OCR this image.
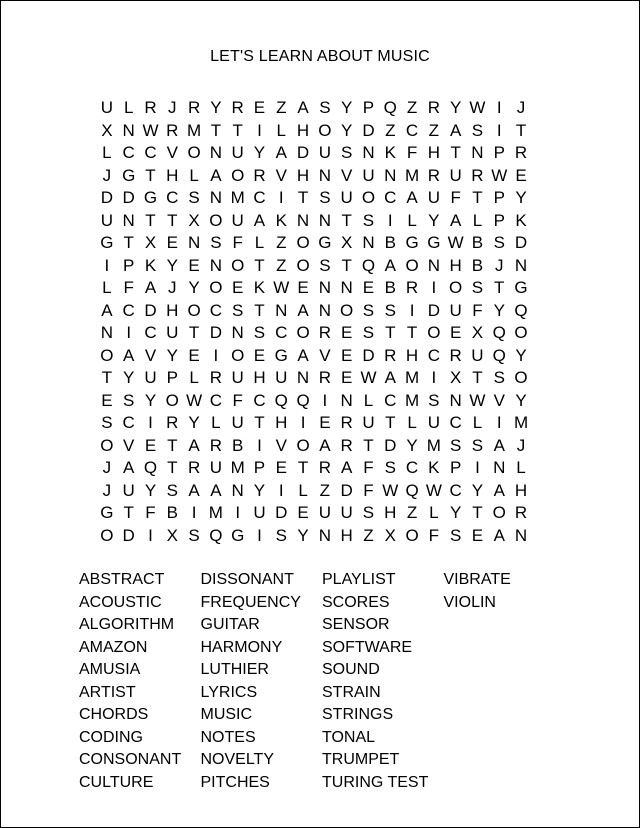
LET'S LEARN ABOUT MUSIC
U L R J R Y R E Z A S Y P Q Z R Y W I J
X N W R M T T I L H O Y D Z C Z A S I T
L C C V O N U Y A D U S N K F H T N P R
J G T H L A O R V H N V U N M R U R W E
D D G C S N M C I T S U O C A U F T P Y
U N T T X O U A K N N T S I L Y A L P K
G T X E N S F L Z O G X N B G G W B S D
I P K Y E N O T Z O S T Q A O N H B J N
L F A J Y O E K W E N N E B R I O S T G
A C D H O C S T N A N O S S I D U F Y Q
N I C U T D N S C O R E S T T O E X Q O
O A V Y E I O E G A V E D R H C R U Q Y
T Y U P L R U H U N R E W A M I X T S O
E S Y O W C F C Q Q I N L C M S N W V Y
S C I R Y L U T H I E R U T L U C L I M
O V E T A R B I V O A R T D Y M S S A J
J A Q T R U M P E T R A F S C K P I N L
J U Y S A A N Y I L Z D F W Q W C Y A H
G T F B I M I U D E U U S H Z L Y T O R
O D I X S Q G I S Y N H Z X O F S E A N
ABSTRACT
ACOUSTIC
ALGORITHM
AMAZON
AMUSIA
ARTIST
CHORDS
CODING
CONSONANT
CULTURE
DISSONANT
FREQUENCY
GUITAR
HARMONY
LUTHIER
LYRICS
MUSIC
NOTES
NOVELTY
PITCHES
PLAYLIST
SCORES
SENSOR
SOFTWARE
SOUND
STRAIN
STRINGS
TONAL
TRUMPET
TURING TEST
VIBRATE
VIOLIN
